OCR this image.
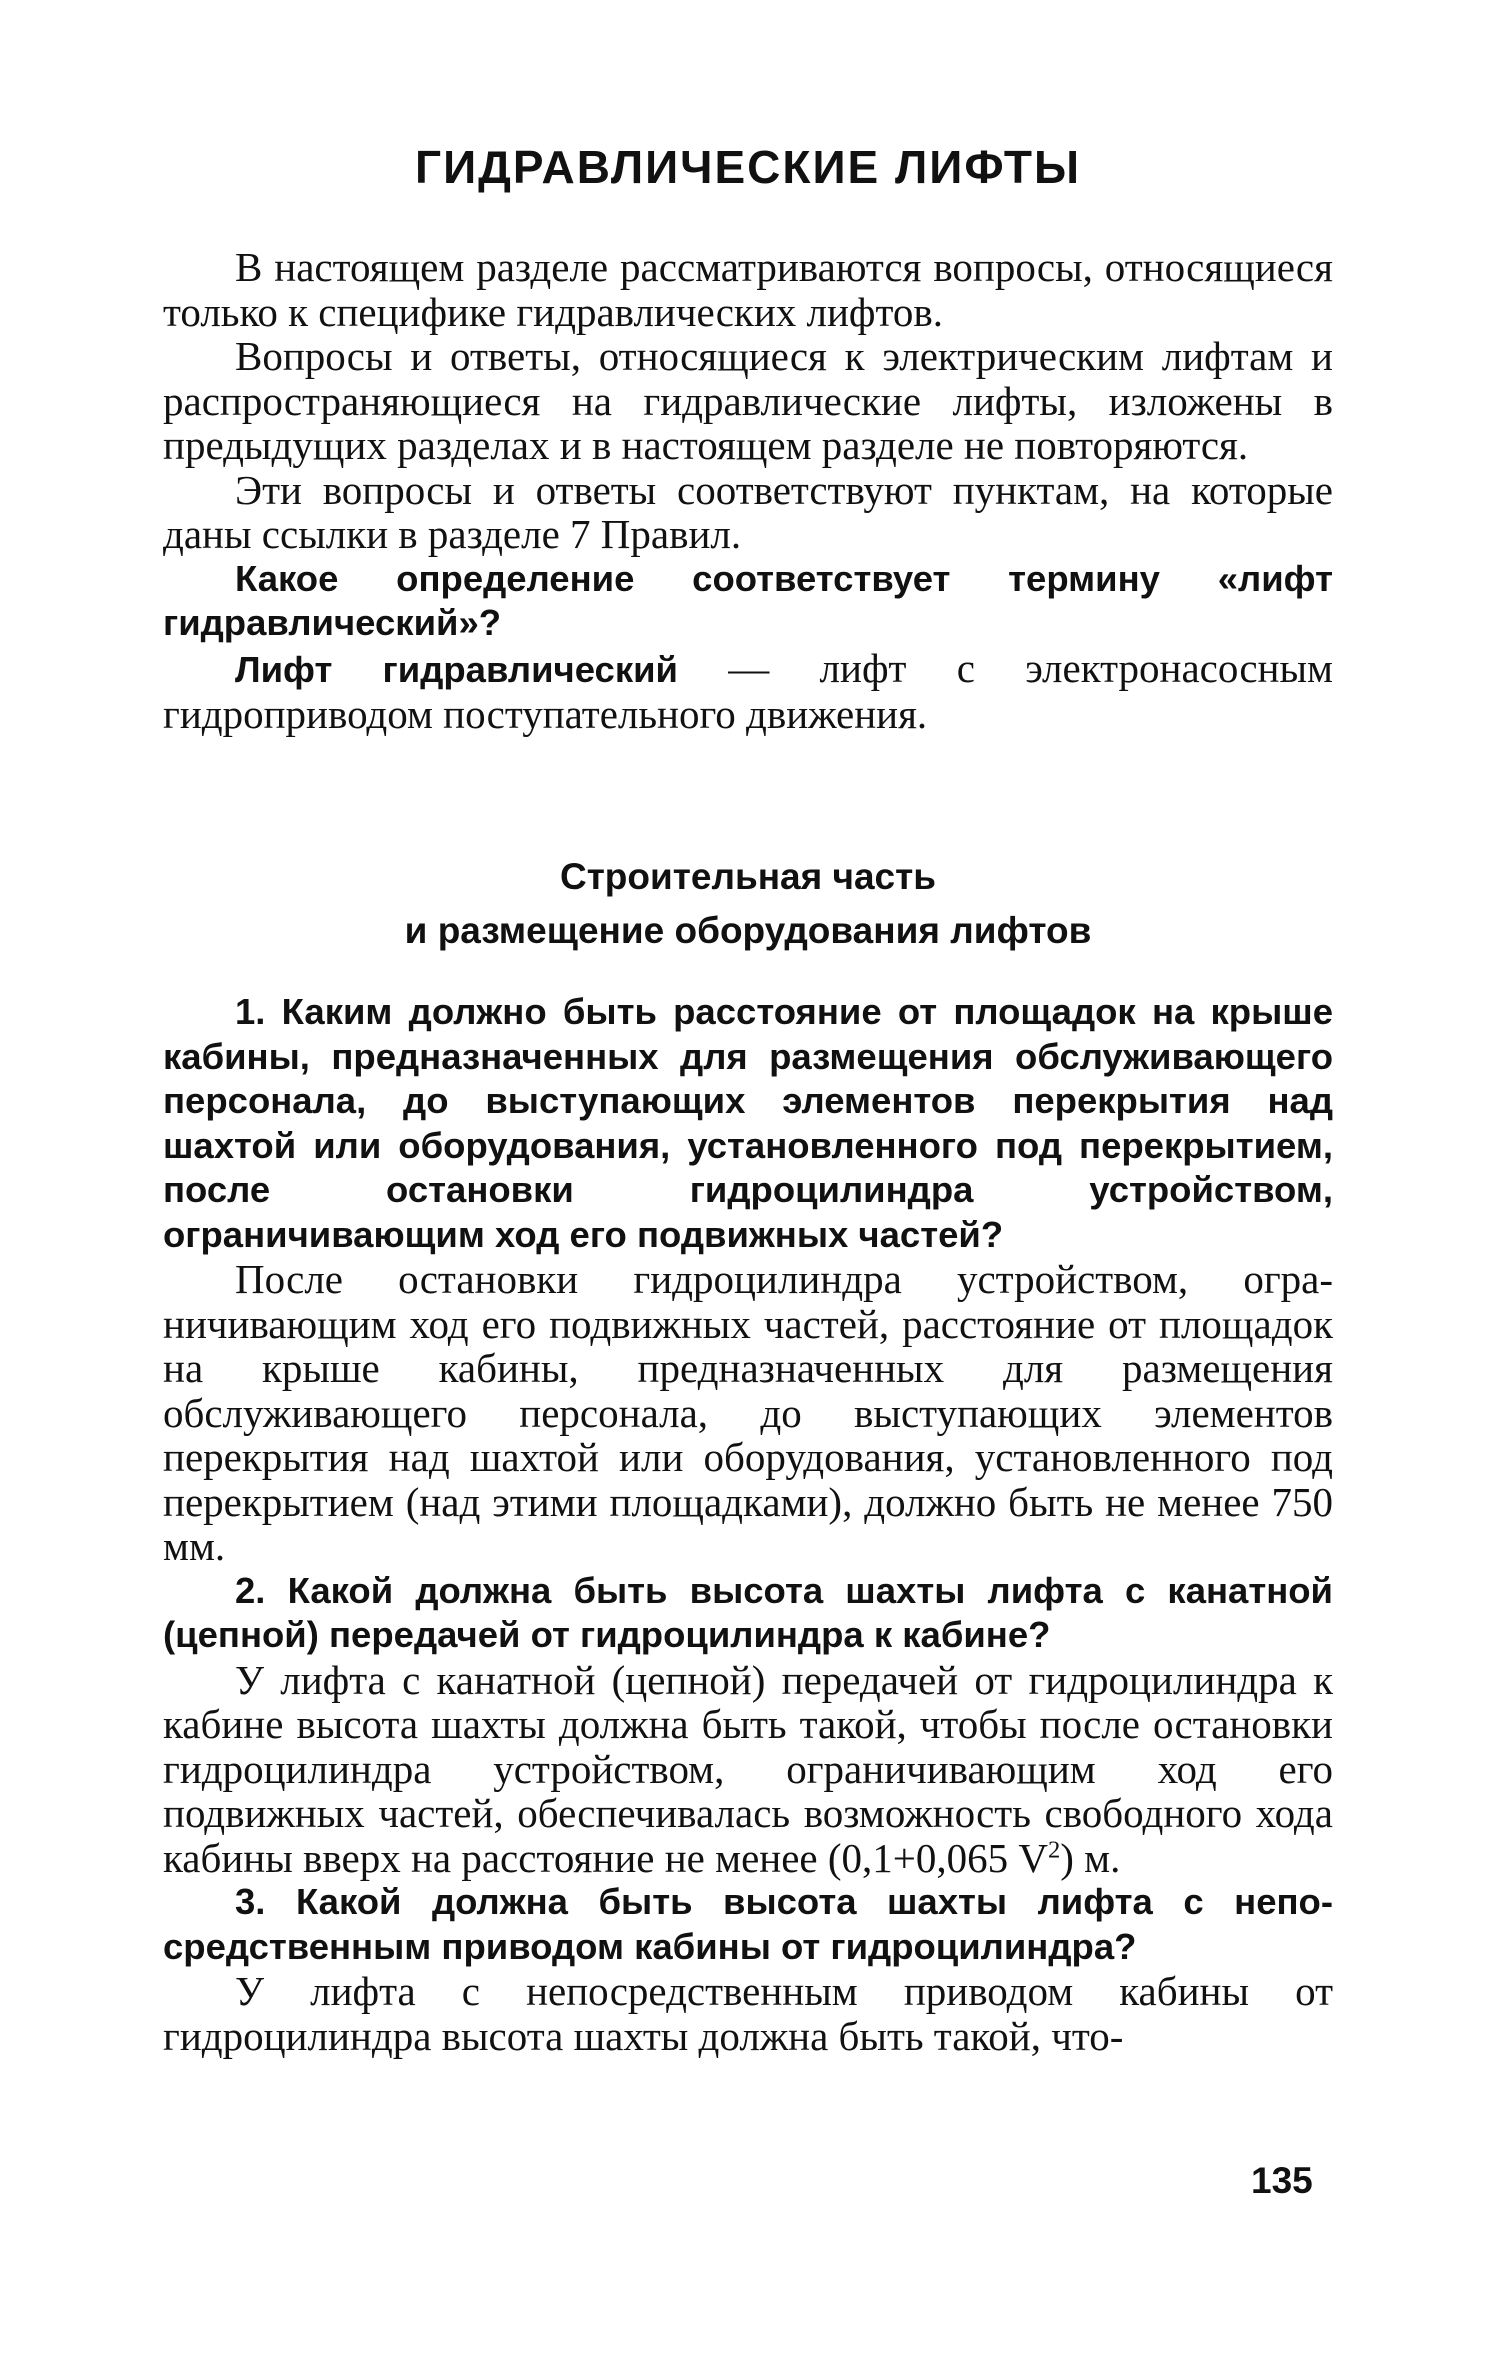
ГИДРАВЛИЧЕСКИЕ ЛИФТЫ

В настоящем разделе рассматриваются вопросы, относящиеся только к специфике гидравлических лифтов.

Вопросы и ответы, относящиеся к электрическим лифтам и распространяющиеся на гидравлические лифты, изложены в предыдущих разделах и в настоящем разделе не повторяются.

Эти вопросы и ответы соответствуют пунктам, на которые даны ссылки в разделе 7 Правил.

Какое определение соответствует термину «лифт гидравлический»?

Лифт гидравлический — лифт с электронасосным гидроприводом поступательного движения.

Строительная часть
и размещение оборудования лифтов

1. Каким должно быть расстояние от площадок на крыше кабины, предназначенных для размещения обслуживающего персонала, до выступающих элементов перекрытия над шахтой или оборудования, установленного под перекрытием, после остановки гидроцилиндра устройством, ограничивающим ход его подвижных частей?

После остановки гидроцилиндра устройством, ограничивающим ход его подвижных частей, расстояние от площадок на крыше кабины, предназначенных для размещения обслуживающего персонала, до выступающих элементов перекрытия над шахтой или оборудования, установленного под перекрытием (над этими площадками), должно быть не менее 750 мм.

2. Какой должна быть высота шахты лифта с канатной (цепной) передачей от гидроцилиндра к кабине?

У лифта с канатной (цепной) передачей от гидроцилиндра к кабине высота шахты должна быть такой, чтобы после остановки гидроцилиндра устройством, ограничивающим ход его подвижных частей, обеспечивалась возможность свободного хода кабины вверх на расстояние не менее (0,1+0,065 $V^2$) м.

3. Какой должна быть высота шахты лифта с непосредственным приводом кабины от гидроцилиндра?

У лифта с непосредственным приводом кабины от гидроцилиндра высота шахты должна быть такой, что-

135
